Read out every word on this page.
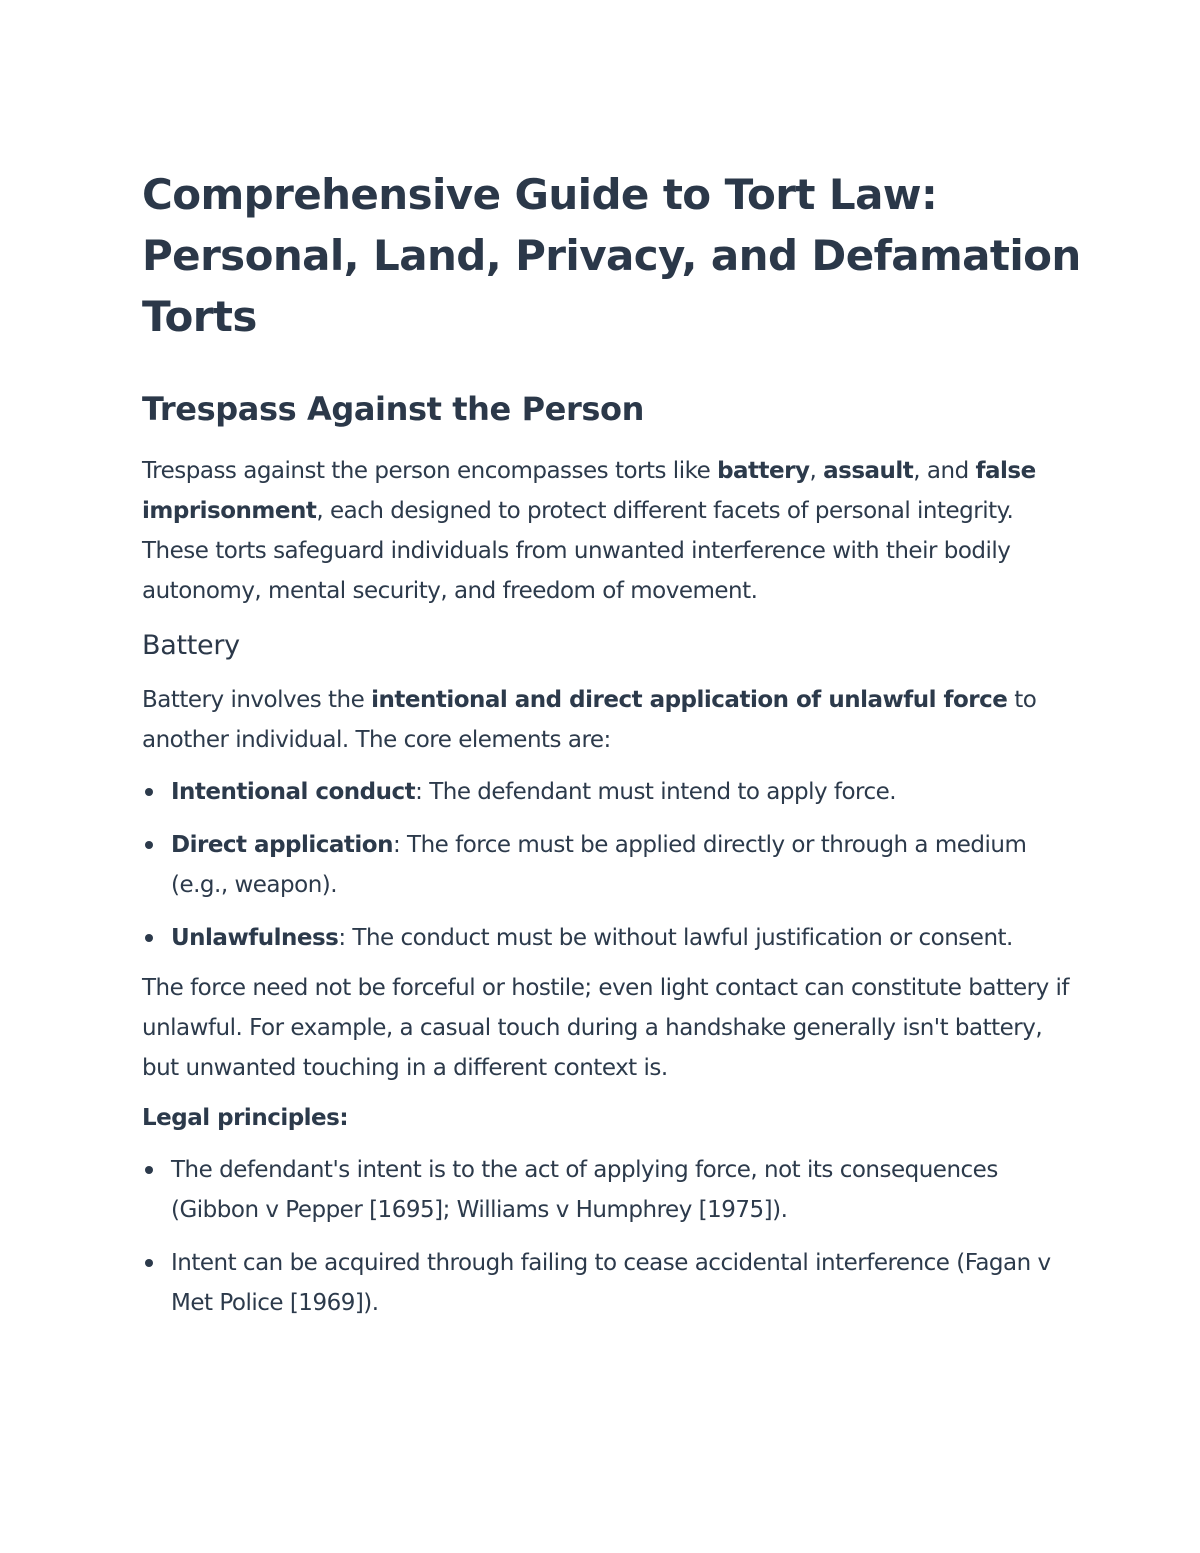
Comprehensive Guide to Tort Law: Personal, Land, Privacy, and Defamation Torts
Trespass Against the Person

Trespass against the person encompasses torts like battery, assault, and false imprisonment, each designed to protect different facets of personal integrity. These torts safeguard individuals from unwanted interference with their bodily autonomy, mental security, and freedom of movement.

Battery

Battery involves the intentional and direct application of unlawful force to another individual. The core elements are:

Intentional conduct: The defendant must intend to apply force.
Direct application: The force must be applied directly or through a medium (e.g., weapon).
Unlawfulness: The conduct must be without lawful justification or consent.

The force need not be forceful or hostile; even light contact can constitute battery if unlawful. For example, a casual touch during a handshake generally isn't battery, but unwanted touching in a different context is.

Legal principles:

The defendant's intent is to the act of applying force, not its consequences (Gibbon v Pepper [1695]; Williams v Humphrey [1975]).
Intent can be acquired through failing to cease accidental interference (Fagan v Met Police [1969]).
